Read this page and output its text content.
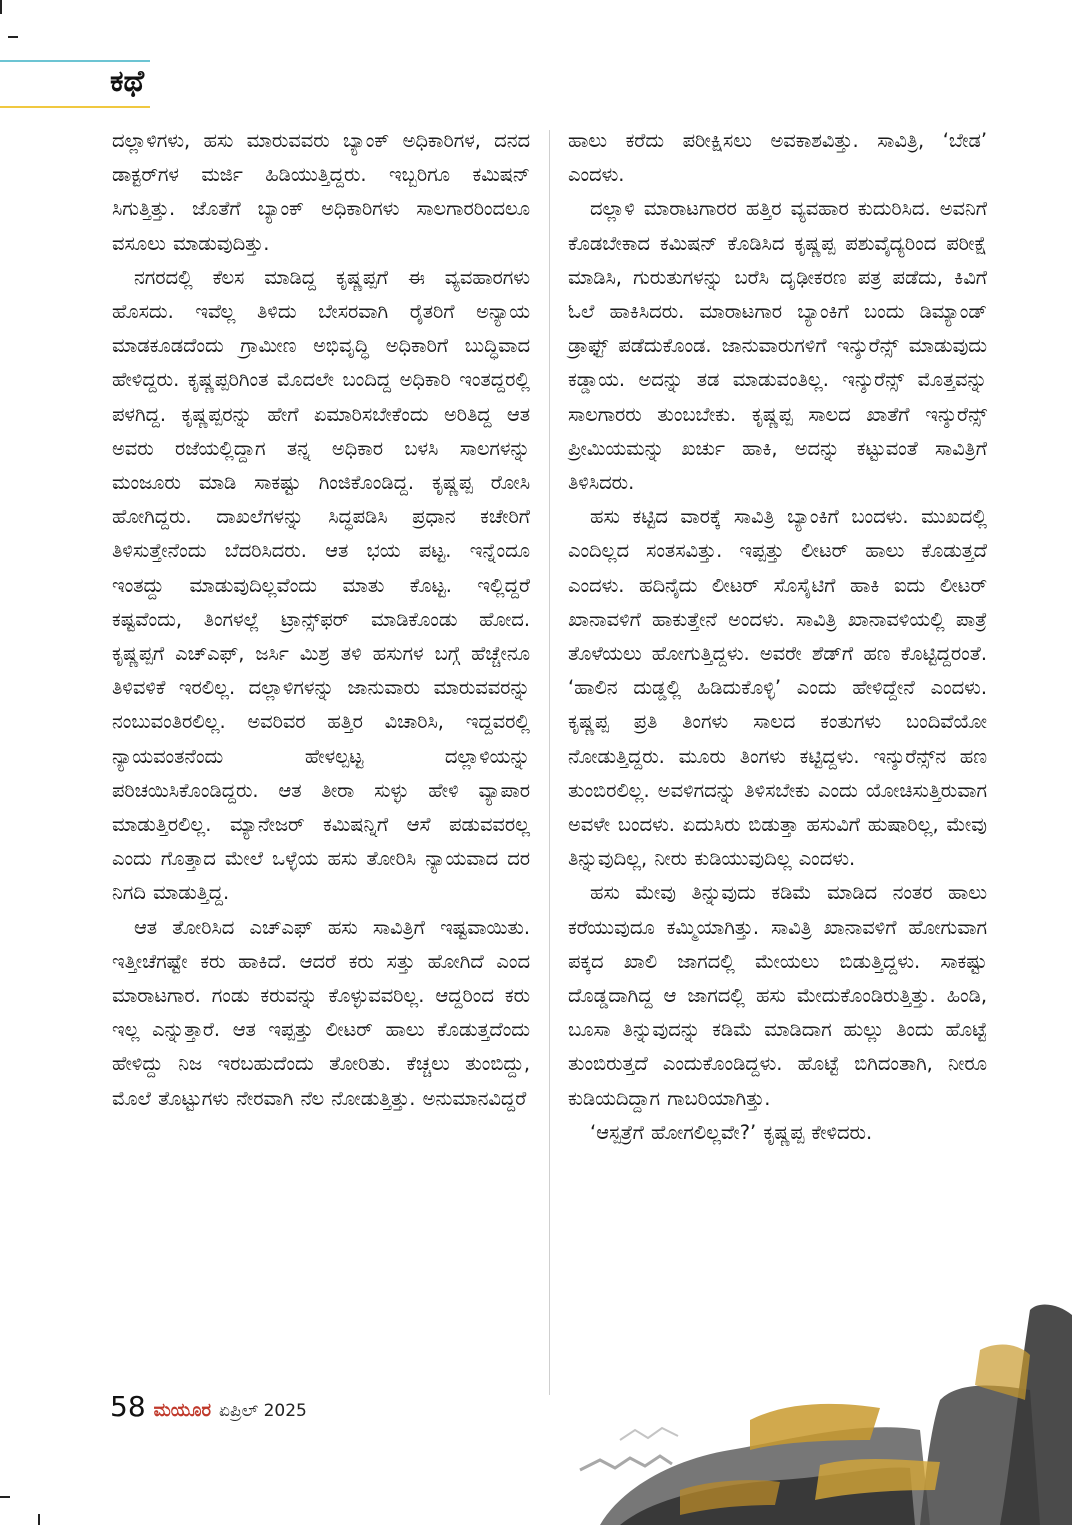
ಕಥೆ

ದಲ್ಲಾಳಿಗಳು, ಹಸು ಮಾರುವವರು ಬ್ಯಾಂಕ್ ಅಧಿಕಾರಿಗಳ, ದನದ ಡಾಕ್ಟರ್‌ಗಳ ಮರ್ಜಿ ಹಿಡಿಯುತ್ತಿದ್ದರು. ಇಬ್ಬರಿಗೂ ಕಮಿಷನ್ ಸಿಗುತ್ತಿತ್ತು. ಜೊತೆಗೆ ಬ್ಯಾಂಕ್ ಅಧಿಕಾರಿಗಳು ಸಾಲಗಾರರಿಂದಲೂ ವಸೂಲು ಮಾಡುವುದಿತ್ತು.

ನಗರದಲ್ಲಿ ಕೆಲಸ ಮಾಡಿದ್ದ ಕೃಷ್ಣಪ್ಪಗೆ ಈ ವ್ಯವಹಾರಗಳು ಹೊಸದು. ಇವೆಲ್ಲ ತಿಳಿದು ಬೇಸರವಾಗಿ ರೈತರಿಗೆ ಅನ್ಯಾಯ ಮಾಡಕೂಡದೆಂದು ಗ್ರಾಮೀಣ ಅಭಿವೃದ್ಧಿ ಅಧಿಕಾರಿಗೆ ಬುದ್ಧಿವಾದ ಹೇಳಿದ್ದರು. ಕೃಷ್ಣಪ್ಪರಿಗಿಂತ ಮೊದಲೇ ಬಂದಿದ್ದ ಅಧಿಕಾರಿ ಇಂತದ್ದರಲ್ಲಿ ಪಳಗಿದ್ದ. ಕೃಷ್ಣಪ್ಪರನ್ನು ಹೇಗೆ ಏಮಾರಿಸಬೇಕೆಂದು ಅರಿತಿದ್ದ ಆತ ಅವರು ರಜೆಯಲ್ಲಿದ್ದಾಗ ತನ್ನ ಅಧಿಕಾರ ಬಳಸಿ ಸಾಲಗಳನ್ನು ಮಂಜೂರು ಮಾಡಿ ಸಾಕಷ್ಟು ಗಿಂಜಿಕೊಂಡಿದ್ದ. ಕೃಷ್ಣಪ್ಪ ರೋಸಿ ಹೋಗಿದ್ದರು. ದಾಖಲೆಗಳನ್ನು ಸಿದ್ಧಪಡಿಸಿ ಪ್ರಧಾನ ಕಚೇರಿಗೆ ತಿಳಿಸುತ್ತೇನೆಂದು ಬೆದರಿಸಿದರು. ಆತ ಭಯ ಪಟ್ಟ. ಇನ್ನೆಂದೂ ಇಂತದ್ದು ಮಾಡುವುದಿಲ್ಲವೆಂದು ಮಾತು ಕೊಟ್ಟ. ಇಲ್ಲಿದ್ದರೆ ಕಷ್ಟವೆಂದು, ತಿಂಗಳಲ್ಲೆ ಟ್ರಾನ್ಸ್‌ಫರ್ ಮಾಡಿಕೊಂಡು ಹೋದ. ಕೃಷ್ಣಪ್ಪಗೆ ಎಚ್‌ಎಫ್, ಜರ್ಸಿ ಮಿಶ್ರ ತಳಿ ಹಸುಗಳ ಬಗ್ಗೆ ಹೆಚ್ಚೇನೂ ತಿಳಿವಳಿಕೆ ಇರಲಿಲ್ಲ. ದಲ್ಲಾಳಿಗಳನ್ನು ಜಾನುವಾರು ಮಾರುವವರನ್ನು ನಂಬುವಂತಿರಲಿಲ್ಲ. ಅವರಿವರ ಹತ್ತಿರ ವಿಚಾರಿಸಿ, ಇದ್ದವರಲ್ಲಿ ನ್ಯಾಯವಂತನೆಂದು ಹೇಳಲ್ಪಟ್ಟ ದಲ್ಲಾಳಿಯನ್ನು ಪರಿಚಯಿಸಿಕೊಂಡಿದ್ದರು. ಆತ ತೀರಾ ಸುಳ್ಳು ಹೇಳಿ ವ್ಯಾಪಾರ ಮಾಡುತ್ತಿರಲಿಲ್ಲ. ಮ್ಯಾನೇಜರ್ ಕಮಿಷನ್ನಿಗೆ ಆಸೆ ಪಡುವವರಲ್ಲ ಎಂದು ಗೊತ್ತಾದ ಮೇಲೆ ಒಳ್ಳೆಯ ಹಸು ತೋರಿಸಿ ನ್ಯಾಯವಾದ ದರ ನಿಗದಿ ಮಾಡುತ್ತಿದ್ದ.

ಆತ ತೋರಿಸಿದ ಎಚ್‌ಎಫ್ ಹಸು ಸಾವಿತ್ರಿಗೆ ಇಷ್ಟವಾಯಿತು. ಇತ್ತೀಚೆಗಷ್ಟೇ ಕರು ಹಾಕಿದೆ. ಆದರೆ ಕರು ಸತ್ತು ಹೋಗಿದೆ ಎಂದ ಮಾರಾಟಗಾರ. ಗಂಡು ಕರುವನ್ನು ಕೊಳ್ಳುವವರಿಲ್ಲ. ಆದ್ದರಿಂದ ಕರು ಇಲ್ಲ ಎನ್ನುತ್ತಾರೆ. ಆತ ಇಪ್ಪತ್ತು ಲೀಟರ್ ಹಾಲು ಕೊಡುತ್ತದೆಂದು ಹೇಳಿದ್ದು ನಿಜ ಇರಬಹುದೆಂದು ತೋರಿತು. ಕೆಚ್ಚಲು ತುಂಬಿದ್ದು, ಮೊಲೆ ತೊಟ್ಟುಗಳು ನೇರವಾಗಿ ನೆಲ ನೋಡುತ್ತಿತ್ತು. ಅನುಮಾನವಿದ್ದರೆ

ಹಾಲು ಕರೆದು ಪರೀಕ್ಷಿಸಲು ಅವಕಾಶವಿತ್ತು. ಸಾವಿತ್ರಿ, ‘ಬೇಡ’ ಎಂದಳು.

ದಲ್ಲಾಳಿ ಮಾರಾಟಗಾರರ ಹತ್ತಿರ ವ್ಯವಹಾರ ಕುದುರಿಸಿದ. ಅವನಿಗೆ ಕೊಡಬೇಕಾದ ಕಮಿಷನ್ ಕೊಡಿಸಿದ ಕೃಷ್ಣಪ್ಪ ಪಶುವೈದ್ಯರಿಂದ ಪರೀಕ್ಷೆ ಮಾಡಿಸಿ, ಗುರುತುಗಳನ್ನು ಬರೆಸಿ ದೃಢೀಕರಣ ಪತ್ರ ಪಡೆದು, ಕಿವಿಗೆ ಓಲೆ ಹಾಕಿಸಿದರು. ಮಾರಾಟಗಾರ ಬ್ಯಾಂಕಿಗೆ ಬಂದು ಡಿಮ್ಯಾಂಡ್ ಡ್ರಾಫ್ಟ್ ಪಡೆದುಕೊಂಡ. ಜಾನುವಾರುಗಳಿಗೆ ಇನ್ಶುರೆನ್ಸ್ ಮಾಡುವುದು ಕಡ್ಡಾಯ. ಅದನ್ನು ತಡ ಮಾಡುವಂತಿಲ್ಲ. ಇನ್ಶುರೆನ್ಸ್ ಮೊತ್ತವನ್ನು ಸಾಲಗಾರರು ತುಂಬಬೇಕು. ಕೃಷ್ಣಪ್ಪ ಸಾಲದ ಖಾತೆಗೆ ಇನ್ಶುರೆನ್ಸ್ ಪ್ರೀಮಿಯಮನ್ನು ಖರ್ಚು ಹಾಕಿ, ಅದನ್ನು ಕಟ್ಟುವಂತೆ ಸಾವಿತ್ರಿಗೆ ತಿಳಿಸಿದರು.

ಹಸು ಕಟ್ಟಿದ ವಾರಕ್ಕೆ ಸಾವಿತ್ರಿ ಬ್ಯಾಂಕಿಗೆ ಬಂದಳು. ಮುಖದಲ್ಲಿ ಎಂದಿಲ್ಲದ ಸಂತಸವಿತ್ತು. ಇಪ್ಪತ್ತು ಲೀಟರ್ ಹಾಲು ಕೊಡುತ್ತದೆ ಎಂದಳು. ಹದಿನೈದು ಲೀಟರ್ ಸೊಸೈಟಿಗೆ ಹಾಕಿ ಐದು ಲೀಟರ್ ಖಾನಾವಳಿಗೆ ಹಾಕುತ್ತೇನೆ ಅಂದಳು. ಸಾವಿತ್ರಿ ಖಾನಾವಳಿಯಲ್ಲಿ ಪಾತ್ರೆ ತೊಳೆಯಲು ಹೋಗುತ್ತಿದ್ದಳು. ಅವರೇ ಶೆಡ್‌ಗೆ ಹಣ ಕೊಟ್ಟಿದ್ದರಂತೆ. ‘ಹಾಲಿನ ದುಡ್ಡಲ್ಲಿ ಹಿಡಿದುಕೊಳ್ಳಿ’ ಎಂದು ಹೇಳಿದ್ದೇನೆ ಎಂದಳು. ಕೃಷ್ಣಪ್ಪ ಪ್ರತಿ ತಿಂಗಳು ಸಾಲದ ಕಂತುಗಳು ಬಂದಿವೆಯೋ ನೋಡುತ್ತಿದ್ದರು. ಮೂರು ತಿಂಗಳು ಕಟ್ಟಿದ್ದಳು. ಇನ್ಶುರೆನ್ಸ್‌ನ ಹಣ ತುಂಬಿರಲಿಲ್ಲ. ಅವಳಿಗದನ್ನು ತಿಳಿಸಬೇಕು ಎಂದು ಯೋಚಿಸುತ್ತಿರುವಾಗ ಅವಳೇ ಬಂದಳು. ಏದುಸಿರು ಬಿಡುತ್ತಾ ಹಸುವಿಗೆ ಹುಷಾರಿಲ್ಲ, ಮೇವು ತಿನ್ನುವುದಿಲ್ಲ, ನೀರು ಕುಡಿಯುವುದಿಲ್ಲ ಎಂದಳು.

ಹಸು ಮೇವು ತಿನ್ನುವುದು ಕಡಿಮೆ ಮಾಡಿದ ನಂತರ ಹಾಲು ಕರೆಯುವುದೂ ಕಮ್ಮಿಯಾಗಿತ್ತು. ಸಾವಿತ್ರಿ ಖಾನಾವಳಿಗೆ ಹೋಗುವಾಗ ಪಕ್ಕದ ಖಾಲಿ ಜಾಗದಲ್ಲಿ ಮೇಯಲು ಬಿಡುತ್ತಿದ್ದಳು. ಸಾಕಷ್ಟು ದೊಡ್ಡದಾಗಿದ್ದ ಆ ಜಾಗದಲ್ಲಿ ಹಸು ಮೇದುಕೊಂಡಿರುತ್ತಿತ್ತು. ಹಿಂಡಿ, ಬೂಸಾ ತಿನ್ನುವುದನ್ನು ಕಡಿಮೆ ಮಾಡಿದಾಗ ಹುಲ್ಲು ತಿಂದು ಹೊಟ್ಟೆ ತುಂಬಿರುತ್ತದೆ ಎಂದುಕೊಂಡಿದ್ದಳು. ಹೊಟ್ಟೆ ಬಿಗಿದಂತಾಗಿ, ನೀರೂ ಕುಡಿಯದಿದ್ದಾಗ ಗಾಬರಿಯಾಗಿತ್ತು.

‘ಆಸ್ಪತ್ರೆಗೆ ಹೋಗಲಿಲ್ಲವೇ?’ ಕೃಷ್ಣಪ್ಪ ಕೇಳಿದರು.

58 ಮಯೂರ ಏಪ್ರಿಲ್ 2025
